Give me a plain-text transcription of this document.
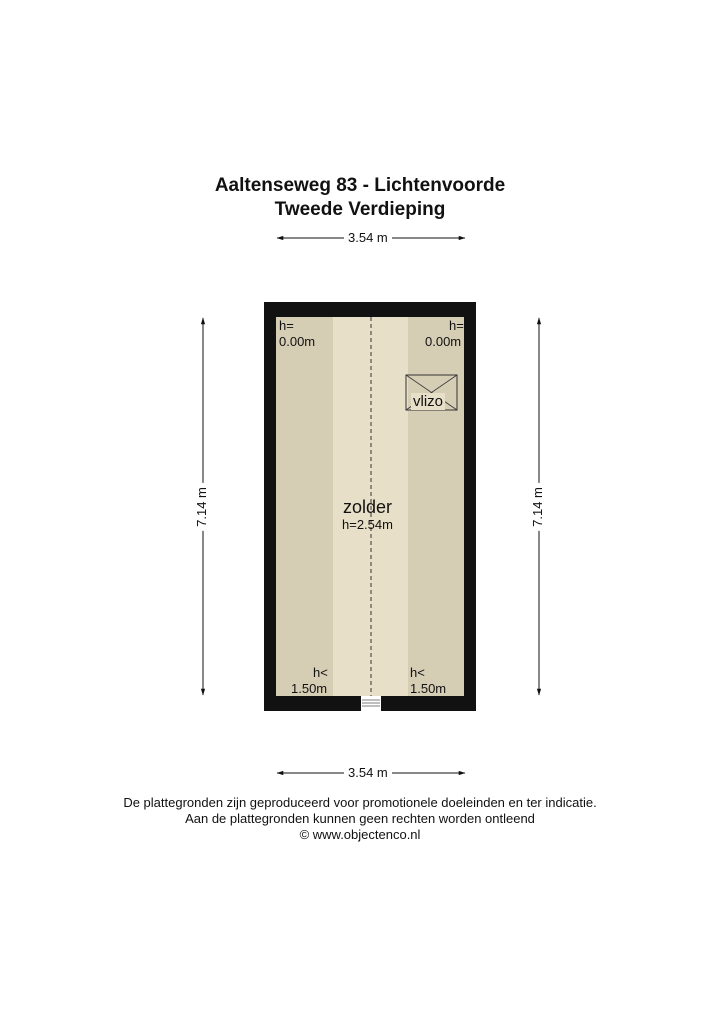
Aaltenseweg 83 - Lichtenvoorde
Tweede Verdieping
3.54 m
3.54 m
7.14 m	7.14 m
vlizo
h=
0.00m
h=
0.00m
h<
1.50m
h<
1.50m
zolder
h=2.54m
De plattegronden zijn geproduceerd voor promotionele doeleinden en ter indicatie.
Aan de plattegronden kunnen geen rechten worden ontleend
© www.objectenco.nl
